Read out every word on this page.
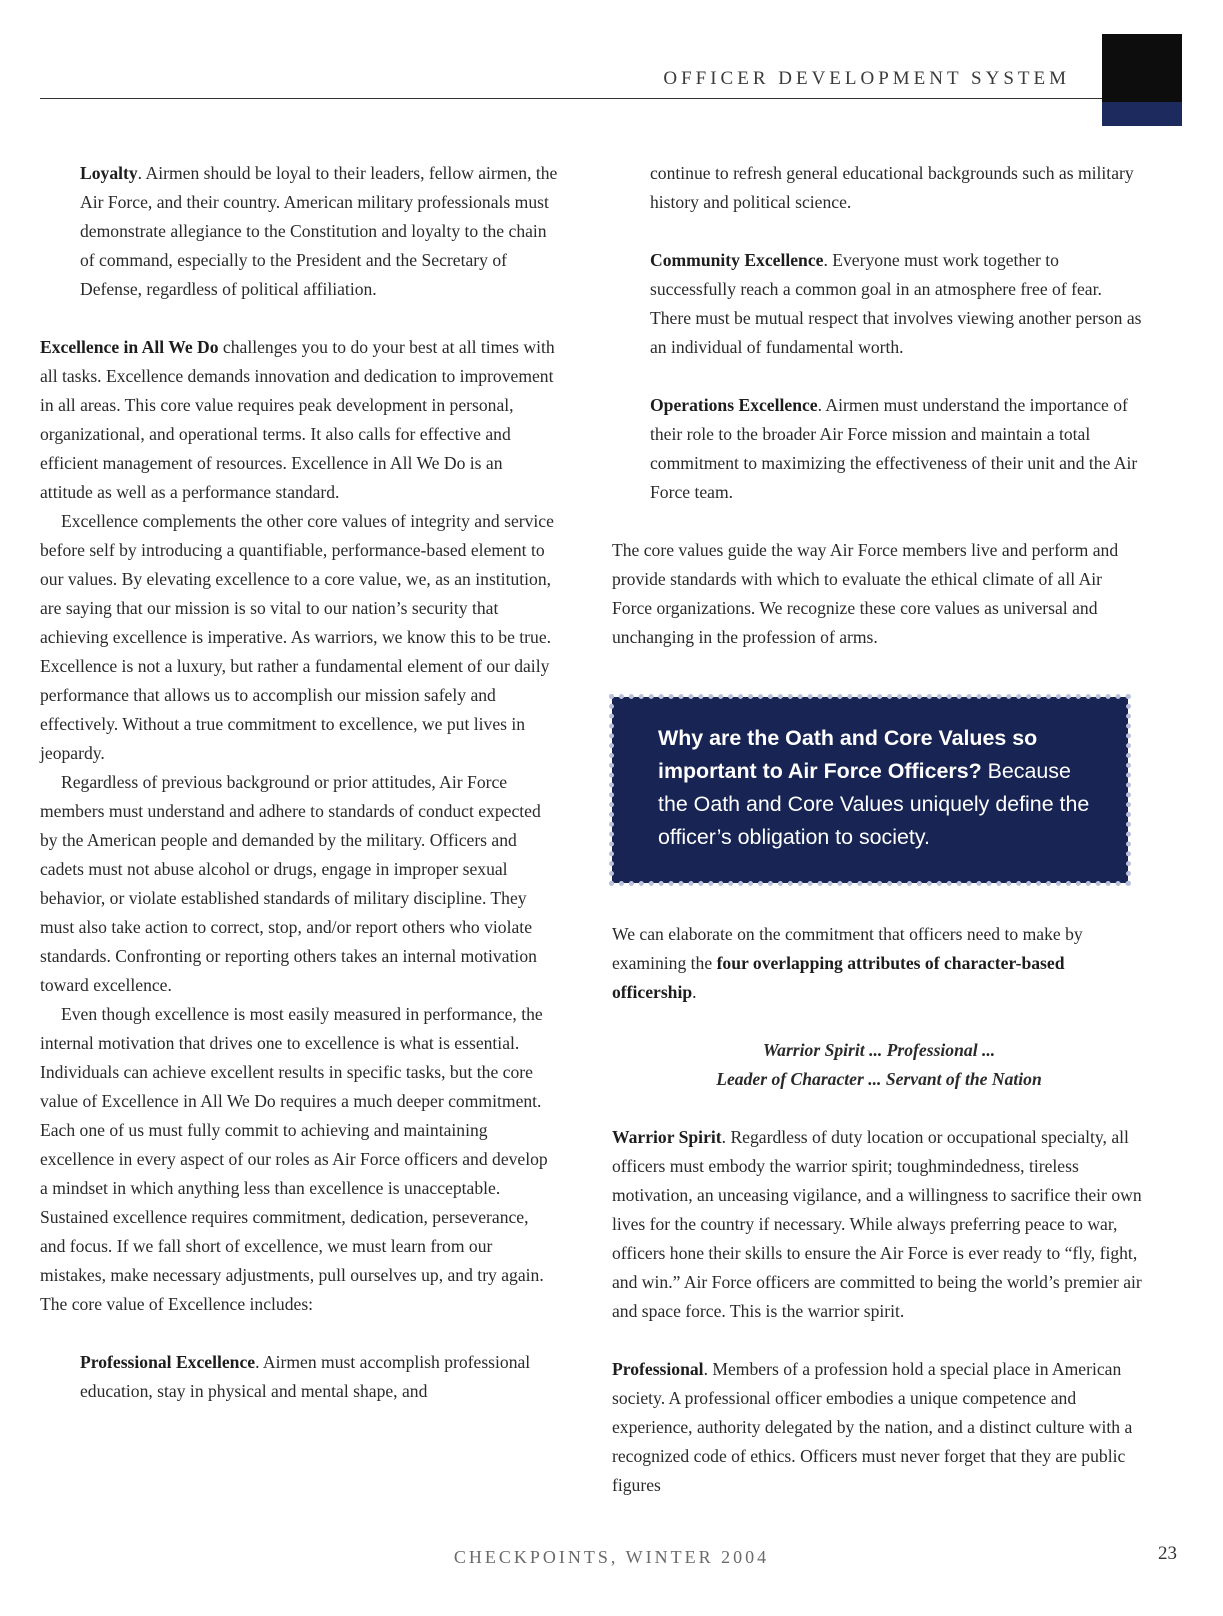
OFFICER DEVELOPMENT SYSTEM

Loyalty. Airmen should be loyal to their leaders, fellow airmen, the Air Force, and their country. American military professionals must demonstrate allegiance to the Constitution and loyalty to the chain of command, especially to the President and the Secretary of Defense, regardless of political affiliation.

Excellence in All We Do challenges you to do your best at all times with all tasks. Excellence demands innovation and dedication to improvement in all areas. This core value requires peak development in personal, organizational, and operational terms. It also calls for effective and efficient management of resources. Excellence in All We Do is an attitude as well as a performance standard.

Excellence complements the other core values of integrity and service before self by introducing a quantifiable, performance-based element to our values. By elevating excellence to a core value, we, as an institution, are saying that our mission is so vital to our nation’s security that achieving excellence is imperative. As warriors, we know this to be true. Excellence is not a luxury, but rather a fundamental element of our daily performance that allows us to accomplish our mission safely and effectively. Without a true commitment to excellence, we put lives in jeopardy.

Regardless of previous background or prior attitudes, Air Force members must understand and adhere to standards of conduct expected by the American people and demanded by the military. Officers and cadets must not abuse alcohol or drugs, engage in improper sexual behavior, or violate established standards of military discipline. They must also take action to correct, stop, and/or report others who violate standards. Confronting or reporting others takes an internal motivation toward excellence.

Even though excellence is most easily measured in performance, the internal motivation that drives one to excellence is what is essential. Individuals can achieve excellent results in specific tasks, but the core value of Excellence in All We Do requires a much deeper commitment. Each one of us must fully commit to achieving and maintaining excellence in every aspect of our roles as Air Force officers and develop a mindset in which anything less than excellence is unacceptable. Sustained excellence requires commitment, dedication, perseverance, and focus. If we fall short of excellence, we must learn from our mistakes, make necessary adjustments, pull ourselves up, and try again. The core value of Excellence includes:

Professional Excellence. Airmen must accomplish professional education, stay in physical and mental shape, and

continue to refresh general educational backgrounds such as military history and political science.

Community Excellence. Everyone must work together to successfully reach a common goal in an atmosphere free of fear. There must be mutual respect that involves viewing another person as an individual of fundamental worth.

Operations Excellence. Airmen must understand the importance of their role to the broader Air Force mission and maintain a total commitment to maximizing the effectiveness of their unit and the Air Force team.

The core values guide the way Air Force members live and perform and provide standards with which to evaluate the ethical climate of all Air Force organizations. We recognize these core values as universal and unchanging in the profession of arms.

Why are the Oath and Core Values so important to Air Force Officers? Because the Oath and Core Values uniquely define the officer’s obligation to society.

We can elaborate on the commitment that officers need to make by examining the four overlapping attributes of character-based officership.

Warrior Spirit ... Professional ...
Leader of Character ... Servant of the Nation

Warrior Spirit. Regardless of duty location or occupational specialty, all officers must embody the warrior spirit; toughmindedness, tireless motivation, an unceasing vigilance, and a willingness to sacrifice their own lives for the country if necessary. While always preferring peace to war, officers hone their skills to ensure the Air Force is ever ready to “fly, fight, and win.” Air Force officers are committed to being the world’s premier air and space force. This is the warrior spirit.

Professional. Members of a profession hold a special place in American society. A professional officer embodies a unique competence and experience, authority delegated by the nation, and a distinct culture with a recognized code of ethics. Officers must never forget that they are public figures

CHECKPOINTS, WINTER 2004	23
